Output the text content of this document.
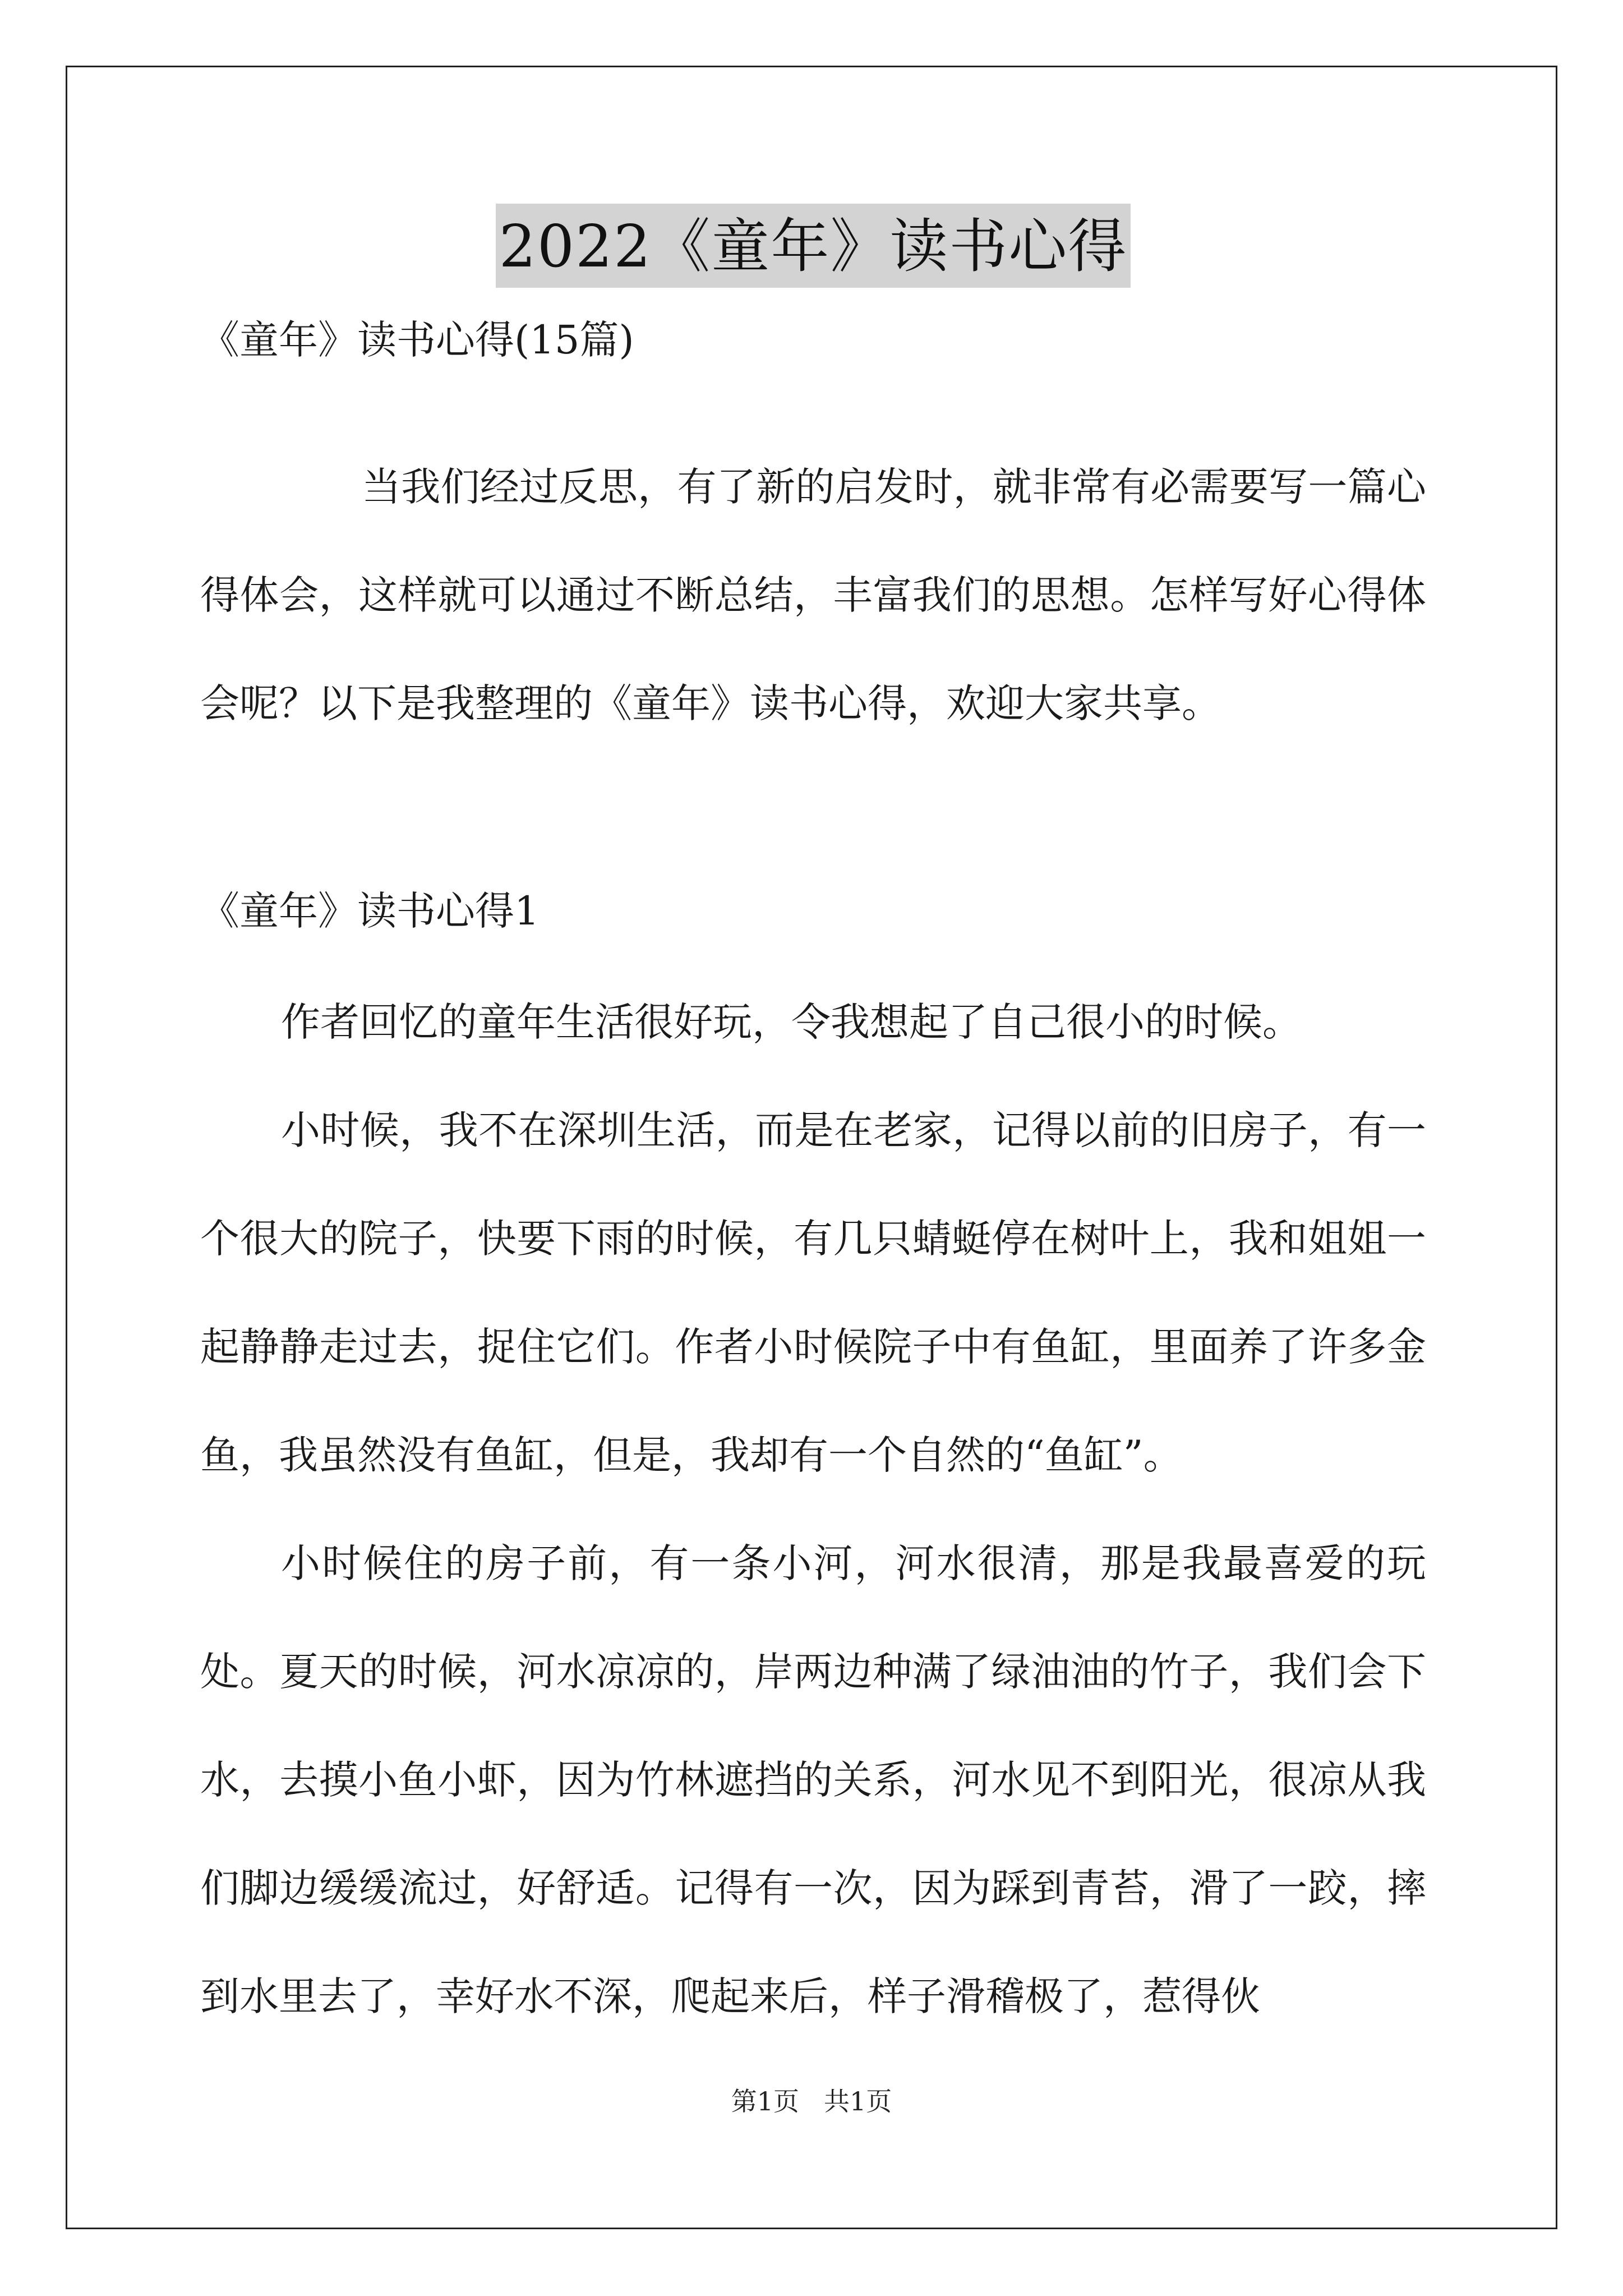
2022《童年》读书心得
《童年》读书心得(15篇)

当我们经过反思，有了新的启发时，就非常有必需要写一篇心得体会，这样就可以通过不断总结，丰富我们的思想。怎样写好心得体会呢？以下是我整理的《童年》读书心得，欢迎大家共享。

《童年》读书心得1

作者回忆的童年生活很好玩，令我想起了自己很小的时候。

小时候，我不在深圳生活，而是在老家，记得以前的旧房子，有一个很大的院子，快要下雨的时候，有几只蜻蜓停在树叶上，我和姐姐一起静静走过去，捉住它们。作者小时候院子中有鱼缸，里面养了许多金鱼，我虽然没有鱼缸，但是，我却有一个自然的“鱼缸”。

小时候住的房子前，有一条小河，河水很清，那是我最喜爱的玩处。夏天的时候，河水凉凉的，岸两边种满了绿油油的竹子，我们会下水，去摸小鱼小虾，因为竹林遮挡的关系，河水见不到阳光，很凉从我们脚边缓缓流过，好舒适。记得有一次，因为踩到青苔，滑了一跤，摔到水里去了，幸好水不深，爬起来后，样子滑稽极了，惹得伙

第1页 共1页
